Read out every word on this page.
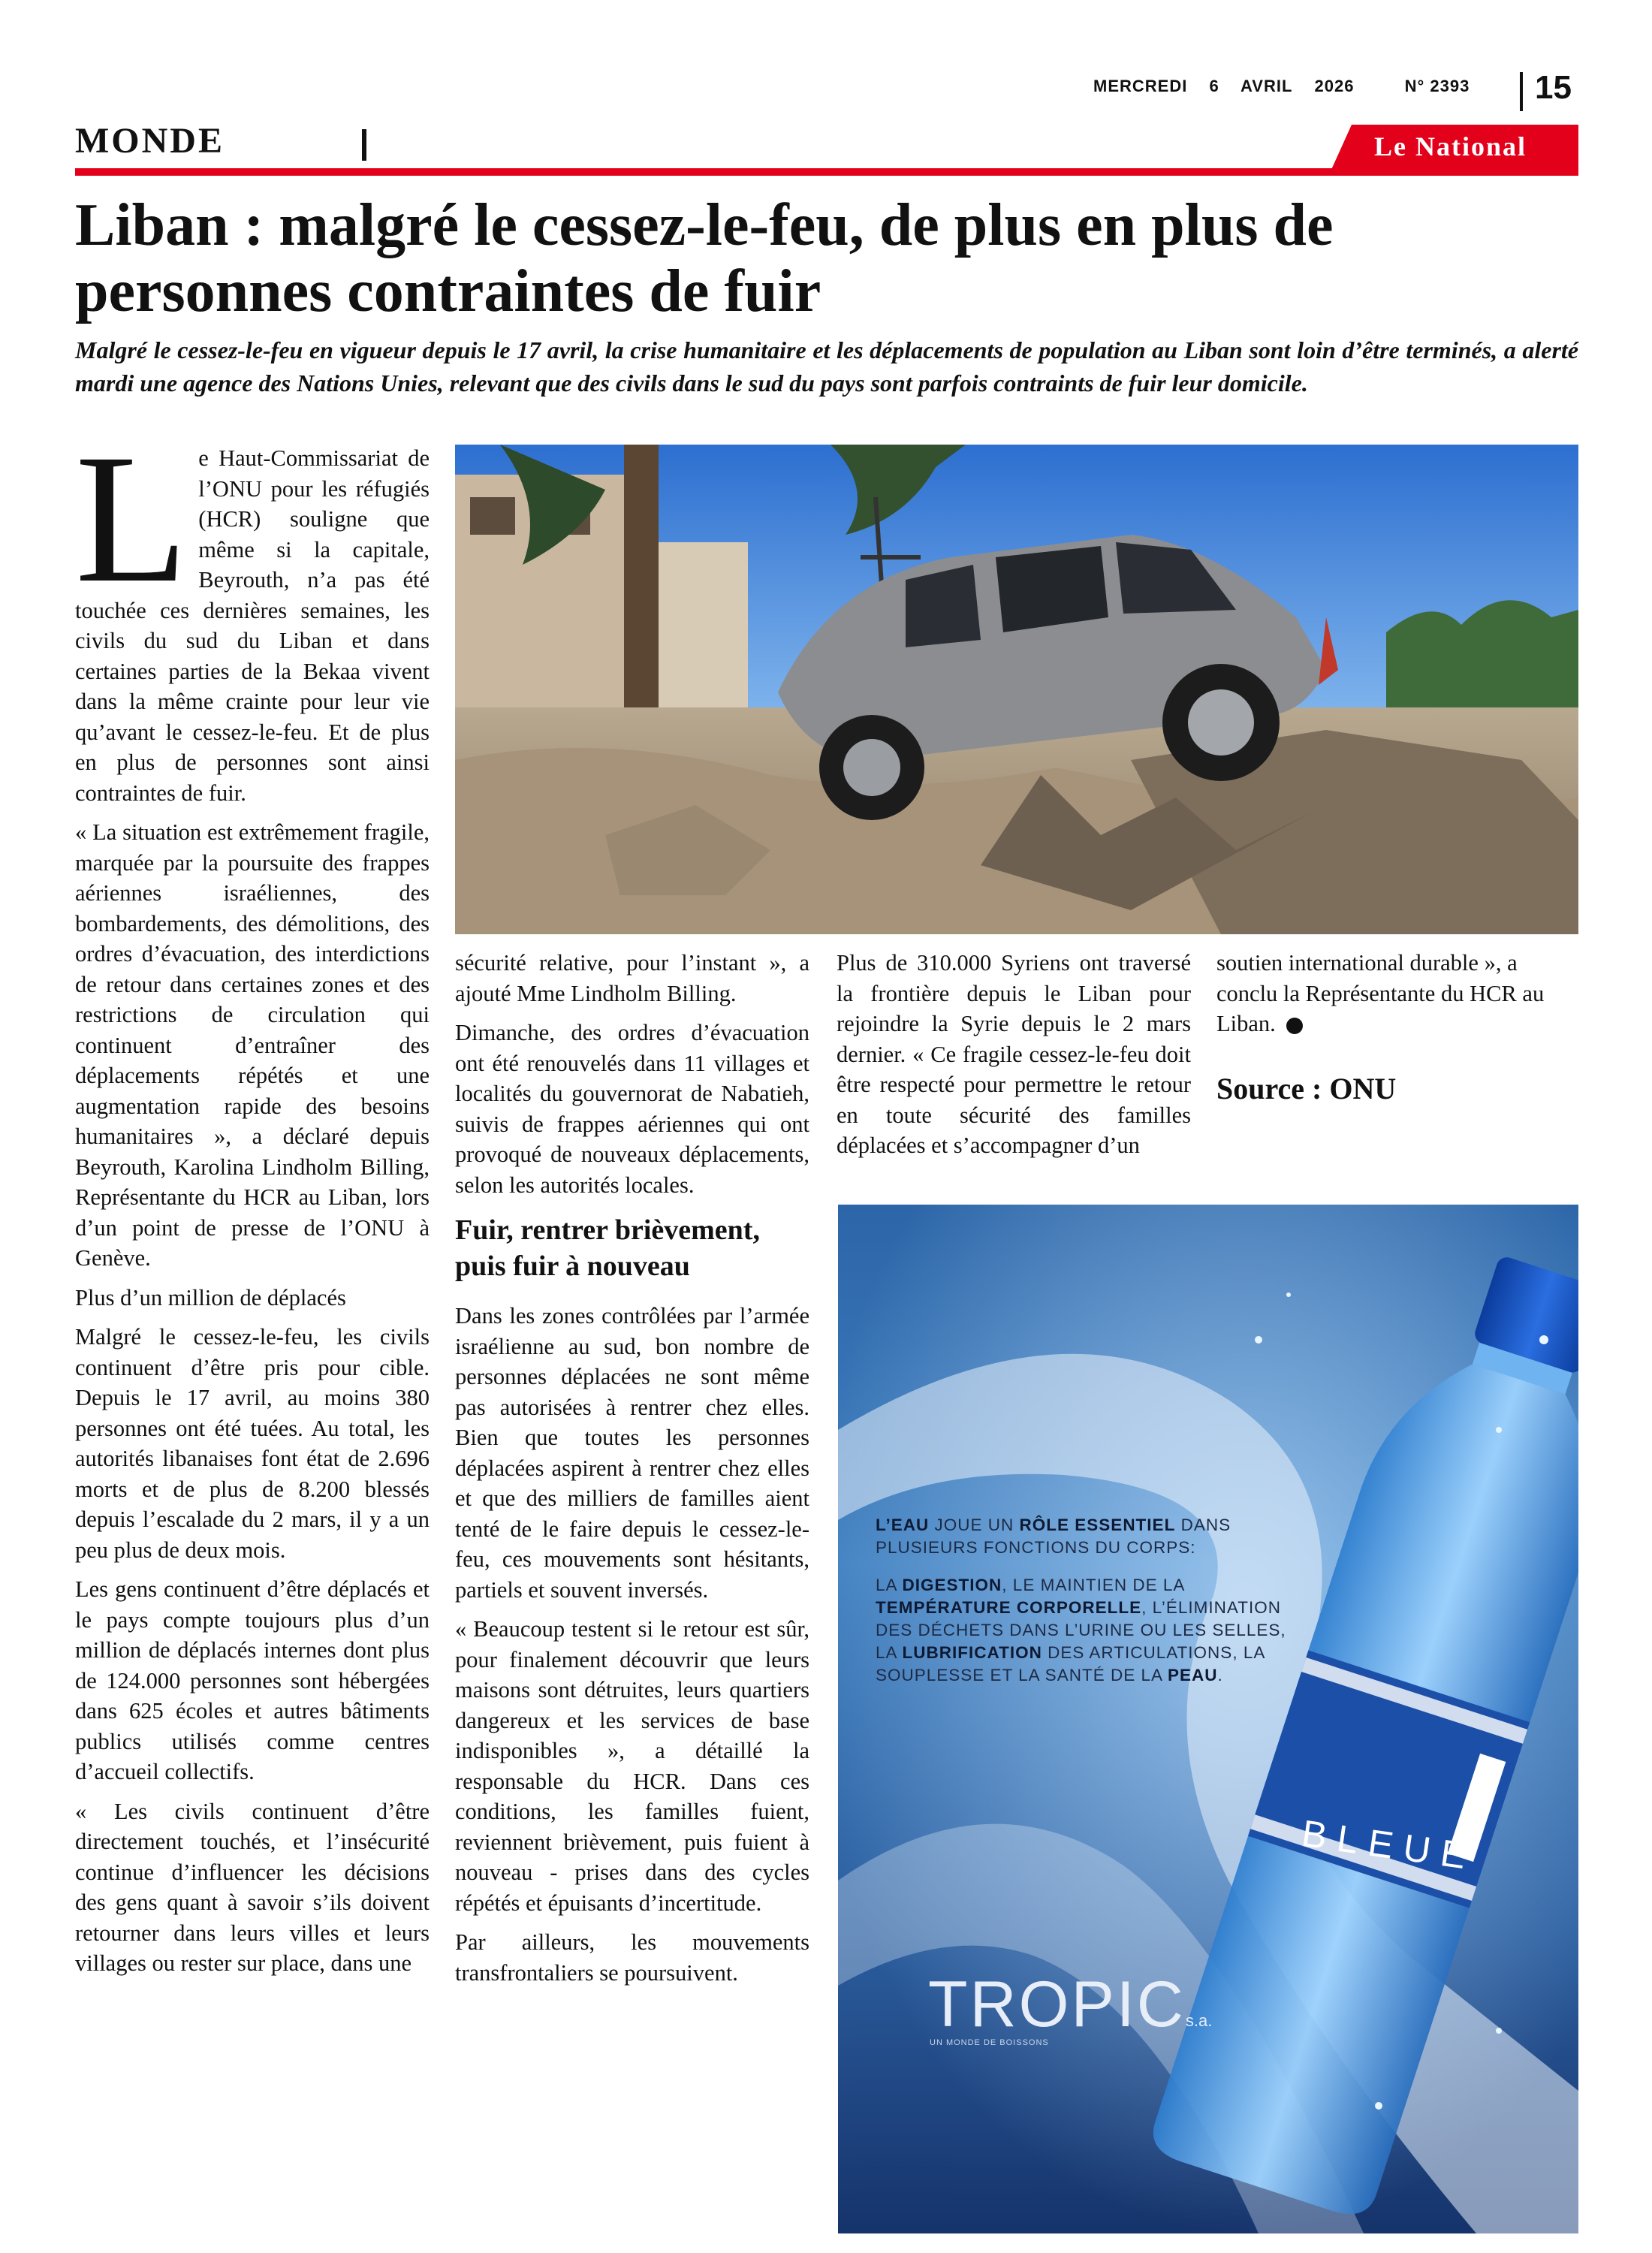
MERCREDI 6 AVRIL 2026	N° 2393	15
MONDE	Le National
Liban : malgré le cessez-le-feu, de plus en plus de personnes contraintes de fuir

Malgré le cessez-le-feu en vigueur depuis le 17 avril, la crise humanitaire et les déplacements de population au Liban sont loin d’être terminés, a alerté mardi une agence des Nations Unies, relevant que des civils dans le sud du pays sont parfois contraints de fuir leur domicile.

Le Haut-Commissariat de l’ONU pour les réfugiés (HCR) souligne que même si la capitale, Beyrouth, n’a pas été touchée ces dernières semaines, les civils du sud du Liban et dans certaines parties de la Bekaa vivent dans la même crainte pour leur vie qu’avant le cessez-le-feu. Et de plus en plus de personnes sont ainsi contraintes de fuir.

« La situation est extrêmement fragile, marquée par la poursuite des frappes aériennes israéliennes, des bombardements, des démolitions, des ordres d’évacuation, des interdictions de retour dans certaines zones et des restrictions de circulation qui continuent d’entraîner des déplacements répétés et une augmentation rapide des besoins humanitaires », a déclaré depuis Beyrouth, Karolina Lindholm Billing, Représentante du HCR au Liban, lors d’un point de presse de l’ONU à Genève.

Plus d’un million de déplacés

Malgré le cessez-le-feu, les civils continuent d’être pris pour cible. Depuis le 17 avril, au moins 380 personnes ont été tuées. Au total, les autorités libanaises font état de 2.696 morts et de plus de 8.200 blessés depuis l’escalade du 2 mars, il y a un peu plus de deux mois.

Les gens continuent d’être déplacés et le pays compte toujours plus d’un million de déplacés internes dont plus de 124.000 personnes sont hébergées dans 625 écoles et autres bâtiments publics utilisés comme centres d’accueil collectifs.

« Les civils continuent d’être directement touchés, et l’insécurité continue d’influencer les décisions des gens quant à savoir s’ils doivent retourner dans leurs villes et leurs villages ou rester sur place, dans une

sécurité relative, pour l’instant », a ajouté Mme Lindholm Billing.

Dimanche, des ordres d’évacuation ont été renouvelés dans 11 villages et localités du gouvernorat de Nabatieh, suivis de frappes aériennes qui ont provoqué de nouveaux déplacements, selon les autorités locales.

Fuir, rentrer brièvement, puis fuir à nouveau

Dans les zones contrôlées par l’armée israélienne au sud, bon nombre de personnes déplacées ne sont même pas autorisées à rentrer chez elles. Bien que toutes les personnes déplacées aspirent à rentrer chez elles et que des milliers de familles aient tenté de le faire depuis le cessez-le-feu, ces mouvements sont hésitants, partiels et souvent inversés.

« Beaucoup testent si le retour est sûr, pour finalement découvrir que leurs maisons sont détruites, leurs quartiers dangereux et les services de base indisponibles », a détaillé la responsable du HCR. Dans ces conditions, les familles fuient, reviennent brièvement, puis fuient à nouveau - prises dans des cycles répétés et épuisants d’incertitude.

Par ailleurs, les mouvements transfrontaliers se poursuivent.

Plus de 310.000 Syriens ont traversé la frontière depuis le Liban pour rejoindre la Syrie depuis le 2 mars dernier. « Ce fragile cessez-le-feu doit être respecté pour permettre le retour en toute sécurité des familles déplacées et s’accompagner d’un

soutien international durable », a conclu la Représentante du HCR au Liban.

Source : ONU

L’EAU JOUE UN RÔLE ESSENTIEL DANS PLUSIEURS FONCTIONS DU CORPS:

LA DIGESTION, LE MAINTIEN DE LA TEMPÉRATURE CORPORELLE, L’ÉLIMINATION DES DÉCHETS DANS L’URINE OU LES SELLES, LA LUBRIFICATION DES ARTICULATIONS, LA SOUPLESSE ET LA SANTÉ DE LA PEAU.

BLEUE
TROPICs.a.
UN MONDE DE BOISSONS
